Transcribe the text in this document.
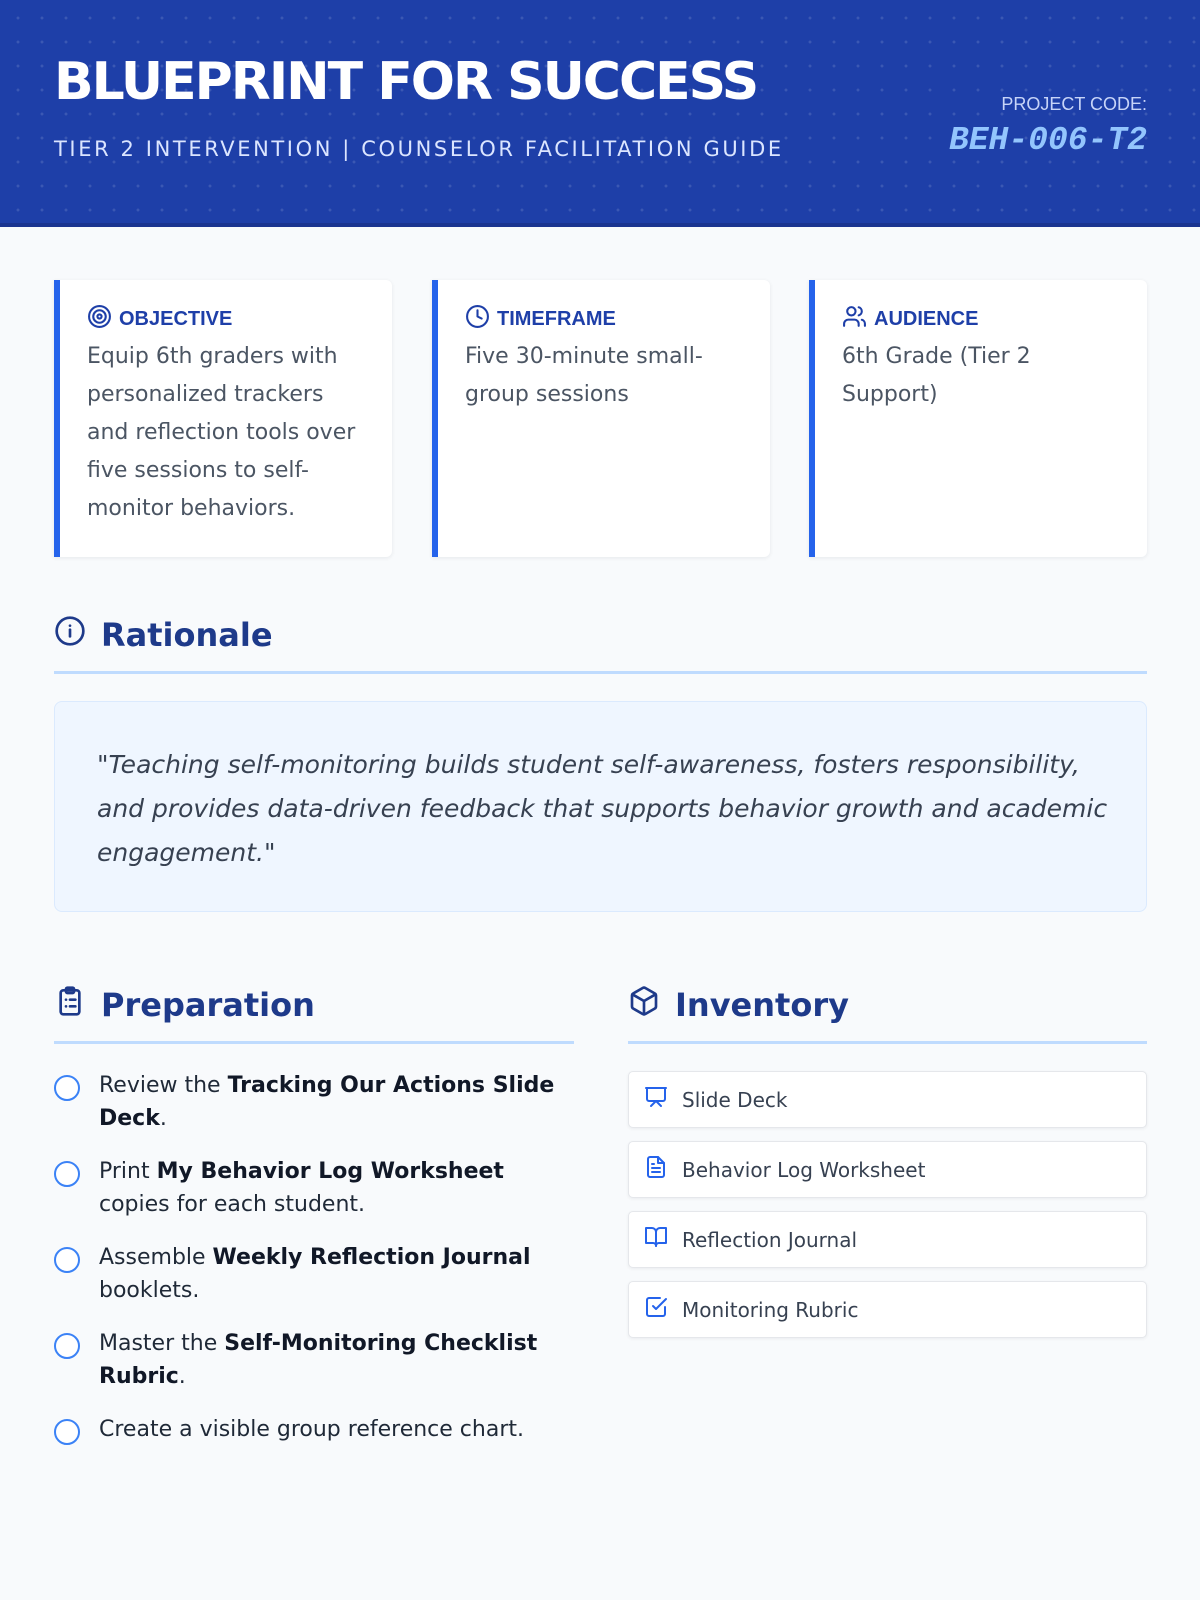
BLUEPRINT FOR SUCCESS
TIER 2 INTERVENTION | COUNSELOR FACILITATION GUIDE
PROJECT CODE:
BEH-006-T2
OBJECTIVE

Equip 6th graders with personalized trackers and reflection tools over five sessions to self-monitor behaviors.

TIMEFRAME

Five 30-minute small-group sessions

AUDIENCE

6th Grade (Tier 2 Support)

Rationale

"Teaching self-monitoring builds student self-awareness, fosters responsibility, and provides data-driven feedback that supports behavior growth and academic engagement."

Preparation
Review the Tracking Our Actions Slide Deck.
Print My Behavior Log Worksheet copies for each student.
Assemble Weekly Reflection Journal booklets.
Master the Self-Monitoring Checklist Rubric.
Create a visible group reference chart.
Inventory
Slide Deck
Behavior Log Worksheet
Reflection Journal
Monitoring Rubric
